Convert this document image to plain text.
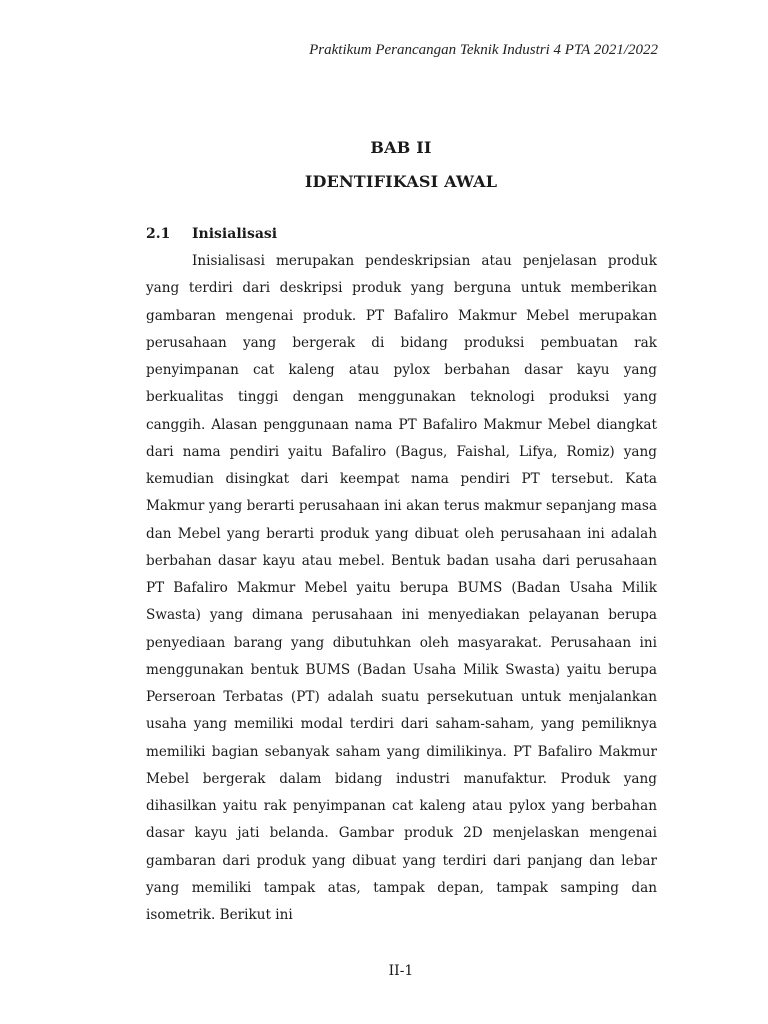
Praktikum Perancangan Teknik Industri 4 PTA 2021/2022
BAB II
IDENTIFIKASI AWAL
2.1 Inisialisasi

Inisialisasi merupakan pendeskripsian atau penjelasan produk yang terdiri dari deskripsi produk yang berguna untuk memberikan gambaran mengenai produk. PT Bafaliro Makmur Mebel merupakan perusahaan yang bergerak di bidang produksi pembuatan rak penyimpanan cat kaleng atau pylox berbahan dasar kayu yang berkualitas tinggi dengan menggunakan teknologi produksi yang canggih. Alasan penggunaan nama PT Bafaliro Makmur Mebel diangkat dari nama pendiri yaitu Bafaliro (Bagus, Faishal, Lifya, Romiz) yang kemudian disingkat dari keempat nama pendiri PT tersebut. Kata Makmur yang berarti perusahaan ini akan terus makmur sepanjang masa dan Mebel yang berarti produk yang dibuat oleh perusahaan ini adalah berbahan dasar kayu atau mebel. Bentuk badan usaha dari perusahaan PT Bafaliro Makmur Mebel yaitu berupa BUMS (Badan Usaha Milik Swasta) yang dimana perusahaan ini menyediakan pelayanan berupa penyediaan barang yang dibutuhkan oleh masyarakat. Perusahaan ini menggunakan bentuk BUMS (Badan Usaha Milik Swasta) yaitu berupa Perseroan Terbatas (PT) adalah suatu persekutuan untuk menjalankan usaha yang memiliki modal terdiri dari saham-saham, yang pemiliknya memiliki bagian sebanyak saham yang dimilikinya. PT Bafaliro Makmur Mebel bergerak dalam bidang industri manufaktur. Produk yang dihasilkan yaitu rak penyimpanan cat kaleng atau pylox yang berbahan dasar kayu jati belanda. Gambar produk 2D menjelaskan mengenai gambaran dari produk yang dibuat yang terdiri dari panjang dan lebar yang memiliki tampak atas, tampak depan, tampak samping dan isometrik. Berikut ini

II-1
